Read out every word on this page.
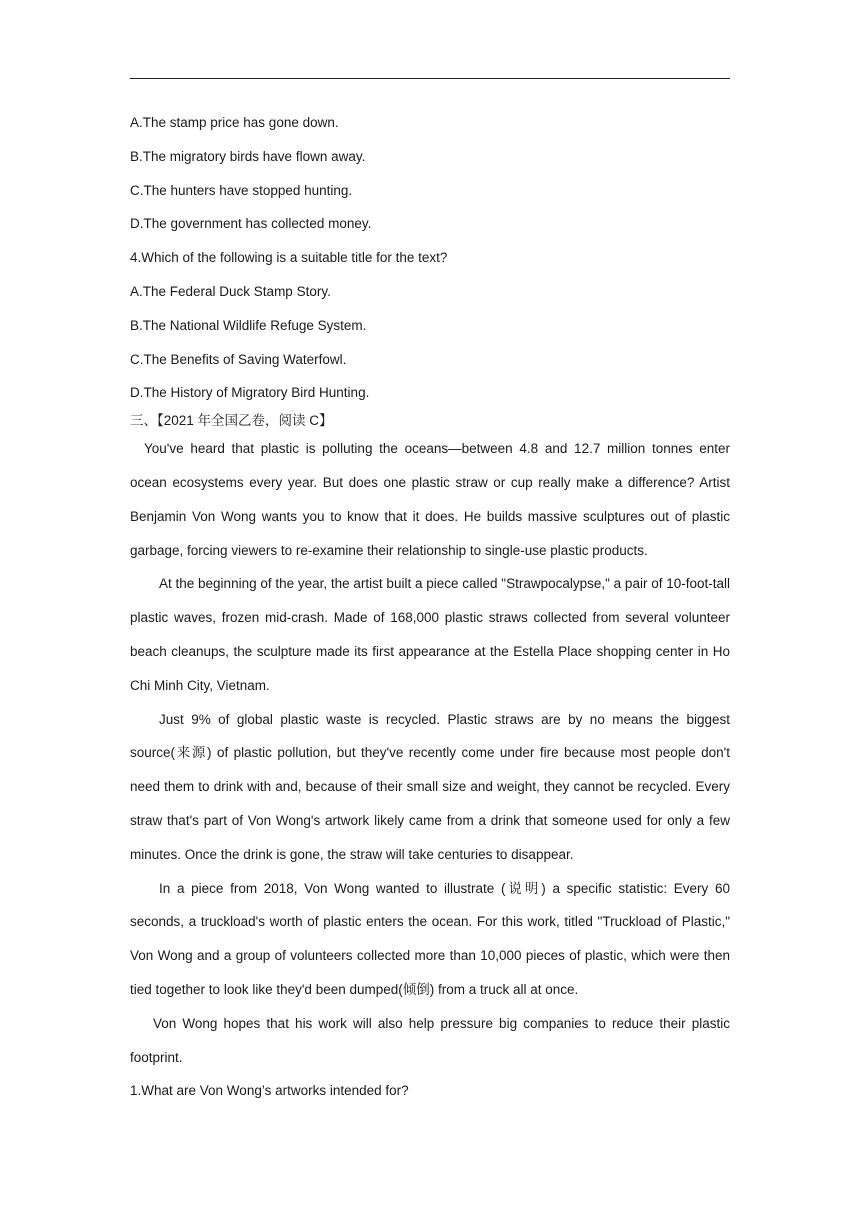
A.The stamp price has gone down.

B.The migratory birds have flown away.

C.The hunters have stopped hunting.

D.The government has collected money.

4.Which of the following is a suitable title for the text?

A.The Federal Duck Stamp Story.

B.The National Wildlife Refuge System.

C.The Benefits of Saving Waterfowl.

D.The History of Migratory Bird Hunting.

三、【2021 年全国乙卷，阅读 C】

You've heard that plastic is polluting the oceans—between 4.8 and 12.7 million tonnes enter ocean ecosystems every year. But does one plastic straw or cup really make a difference? Artist Benjamin Von Wong wants you to know that it does. He builds massive sculptures out of plastic garbage, forcing viewers to re-examine their relationship to single-use plastic products.

At the beginning of the year, the artist built a piece called "Strawpocalypse," a pair of 10-foot-tall plastic waves, frozen mid-crash. Made of 168,000 plastic straws collected from several volunteer beach cleanups, the sculpture made its first appearance at the Estella Place shopping center in Ho Chi Minh City, Vietnam.

Just 9% of global plastic waste is recycled. Plastic straws are by no means the biggest source(来源) of plastic pollution, but they've recently come under fire because most people don't need them to drink with and, because of their small size and weight, they cannot be recycled. Every straw that's part of Von Wong's artwork likely came from a drink that someone used for only a few minutes. Once the drink is gone, the straw will take centuries to disappear.

In a piece from 2018, Von Wong wanted to illustrate (说明) a specific statistic: Every 60 seconds, a truckload's worth of plastic enters the ocean. For this work, titled "Truckload of Plastic," Von Wong and a group of volunteers collected more than 10,000 pieces of plastic, which were then tied together to look like they'd been dumped(倾倒) from a truck all at once.

Von Wong hopes that his work will also help pressure big companies to reduce their plastic footprint.

1.What are Von Wong’s artworks intended for?
